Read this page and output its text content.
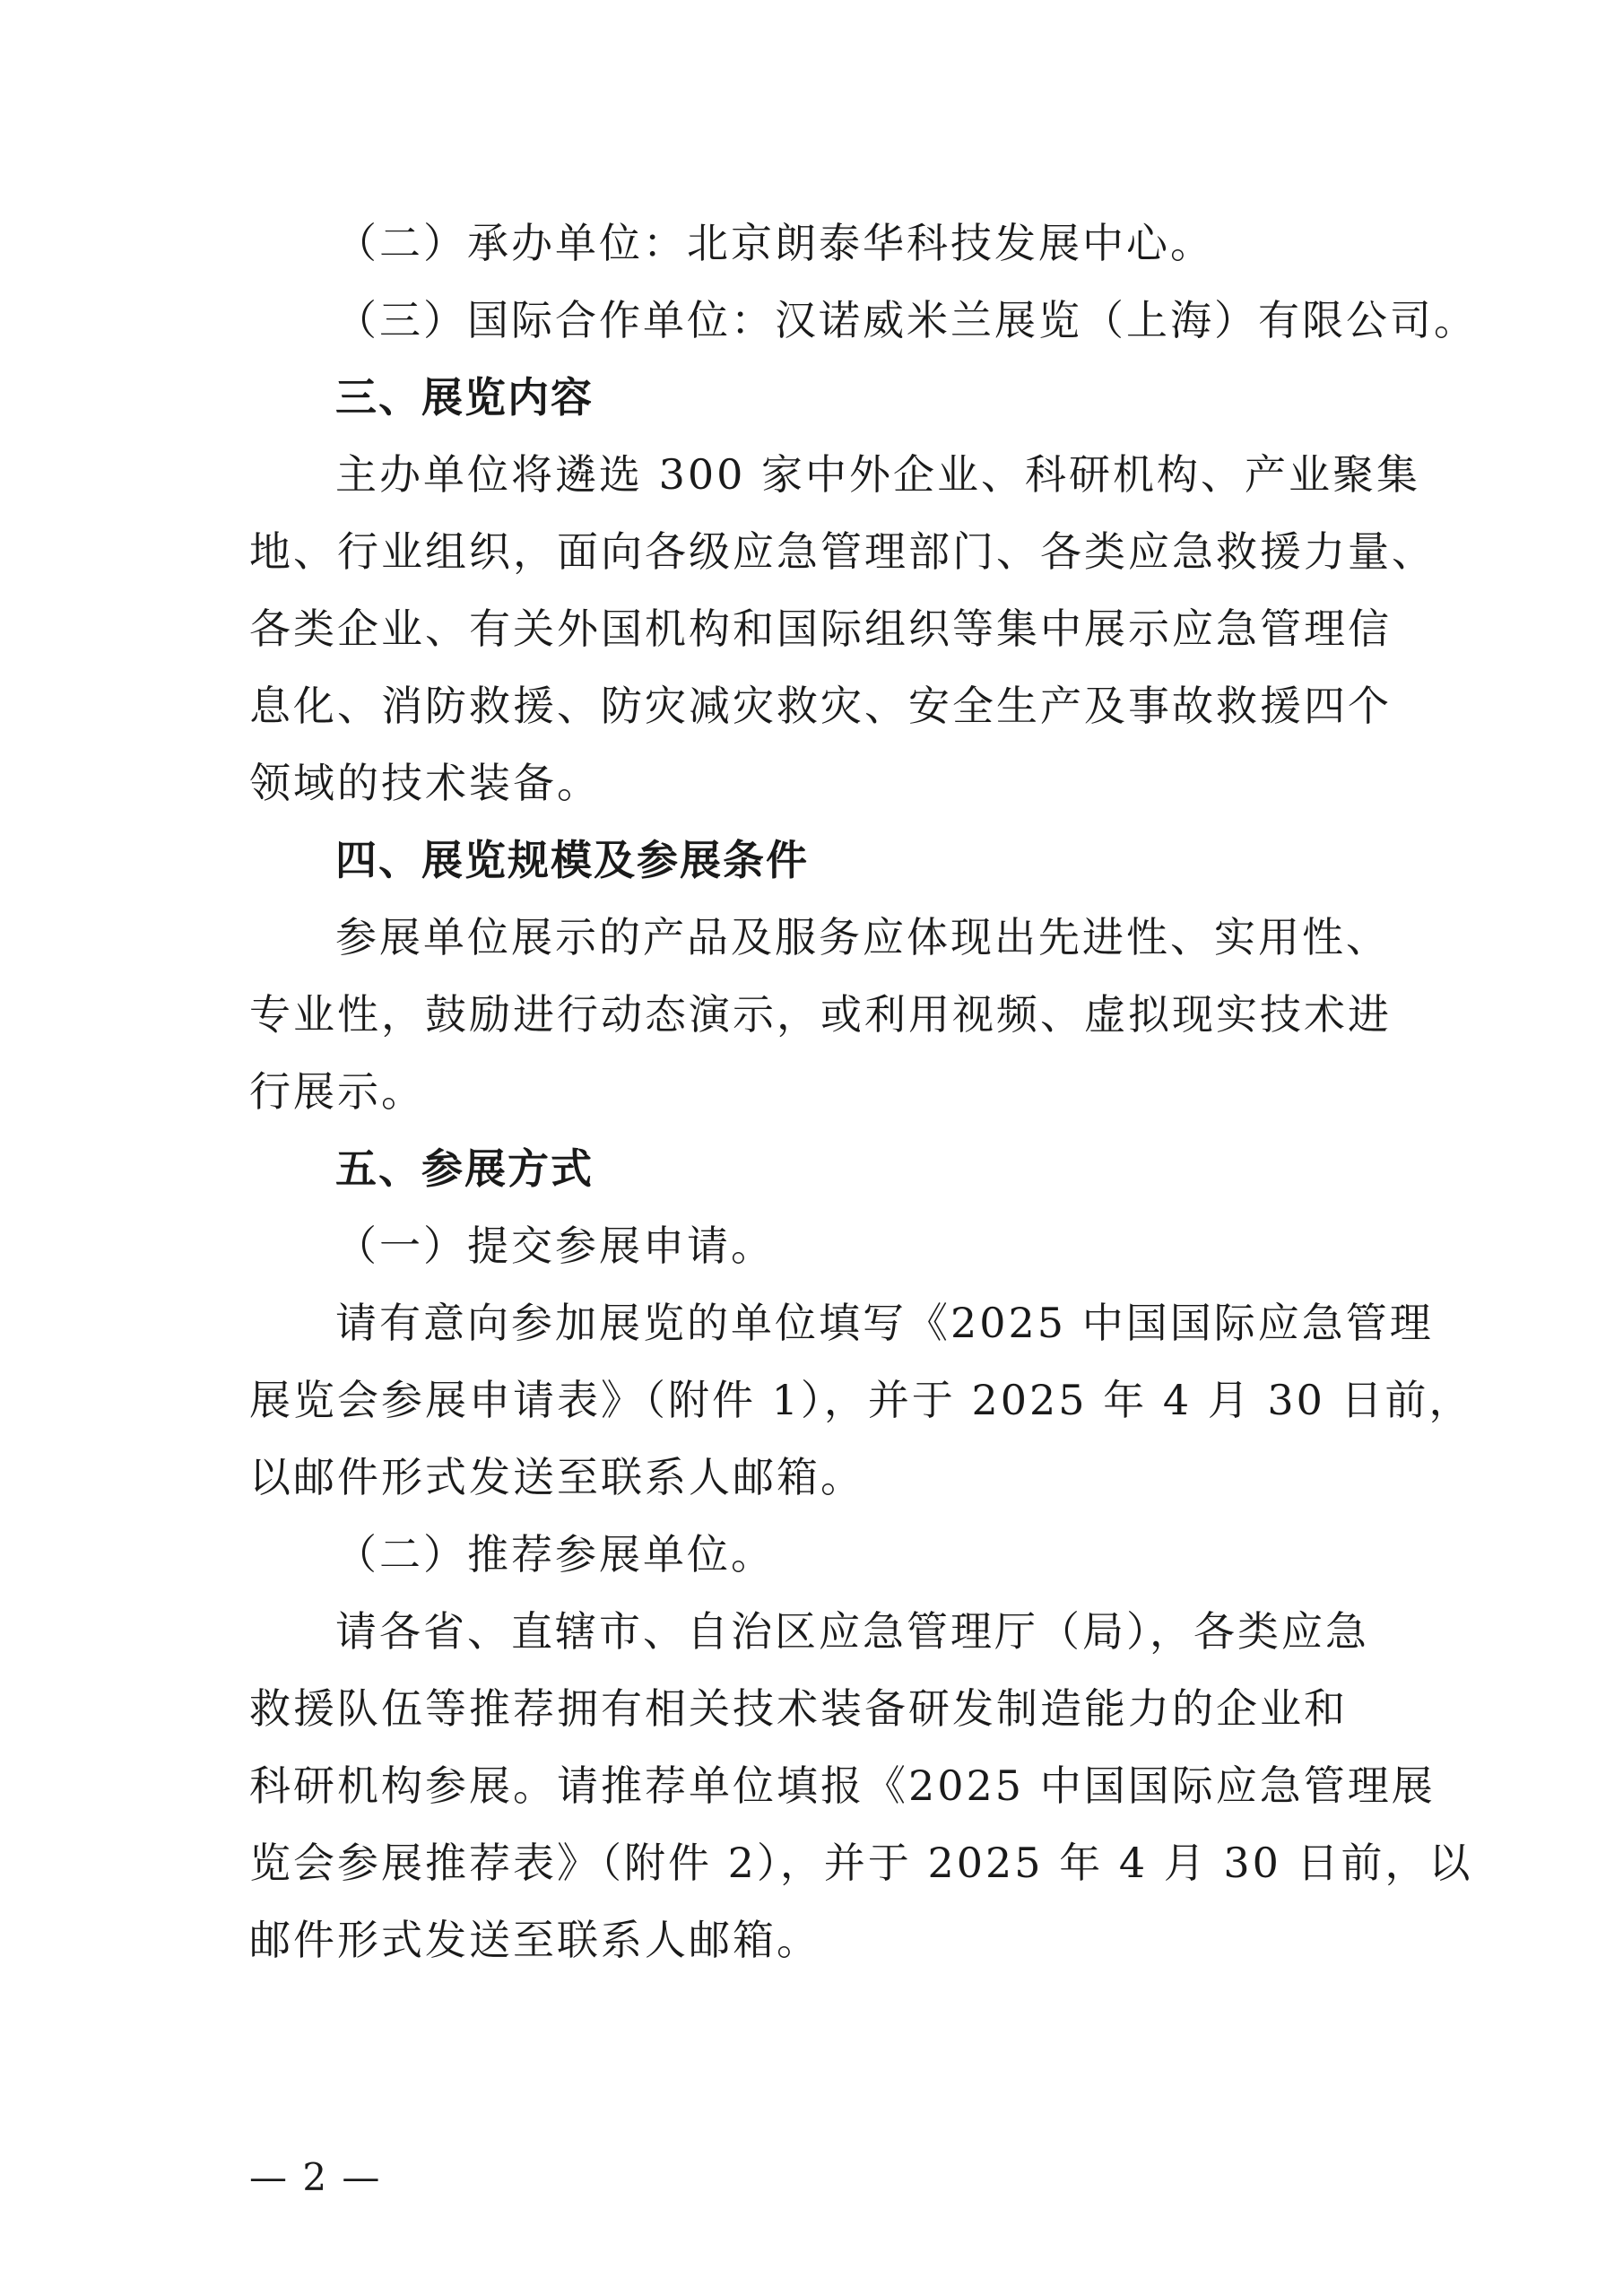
（二）承办单位：北京朗泰华科技发展中心。
（三）国际合作单位：汉诺威米兰展览（上海）有限公司。
三、展览内容
主办单位将遴选 300 家中外企业、科研机构、产业聚集
地、行业组织，面向各级应急管理部门、各类应急救援力量、
各类企业、有关外国机构和国际组织等集中展示应急管理信
息化、消防救援、防灾减灾救灾、安全生产及事故救援四个
领域的技术装备。
四、展览规模及参展条件
参展单位展示的产品及服务应体现出先进性、实用性、
专业性，鼓励进行动态演示，或利用视频、虚拟现实技术进
行展示。
五、参展方式
（一）提交参展申请。
请有意向参加展览的单位填写《2025 中国国际应急管理
展览会参展申请表》（附件 1），并于 2025 年 4 月 30 日前，
以邮件形式发送至联系人邮箱。
（二）推荐参展单位。
请各省、直辖市、自治区应急管理厅（局），各类应急
救援队伍等推荐拥有相关技术装备研发制造能力的企业和
科研机构参展。请推荐单位填报《2025 中国国际应急管理展
览会参展推荐表》（附件 2），并于 2025 年 4 月 30 日前，以
邮件形式发送至联系人邮箱。
— 2 —
